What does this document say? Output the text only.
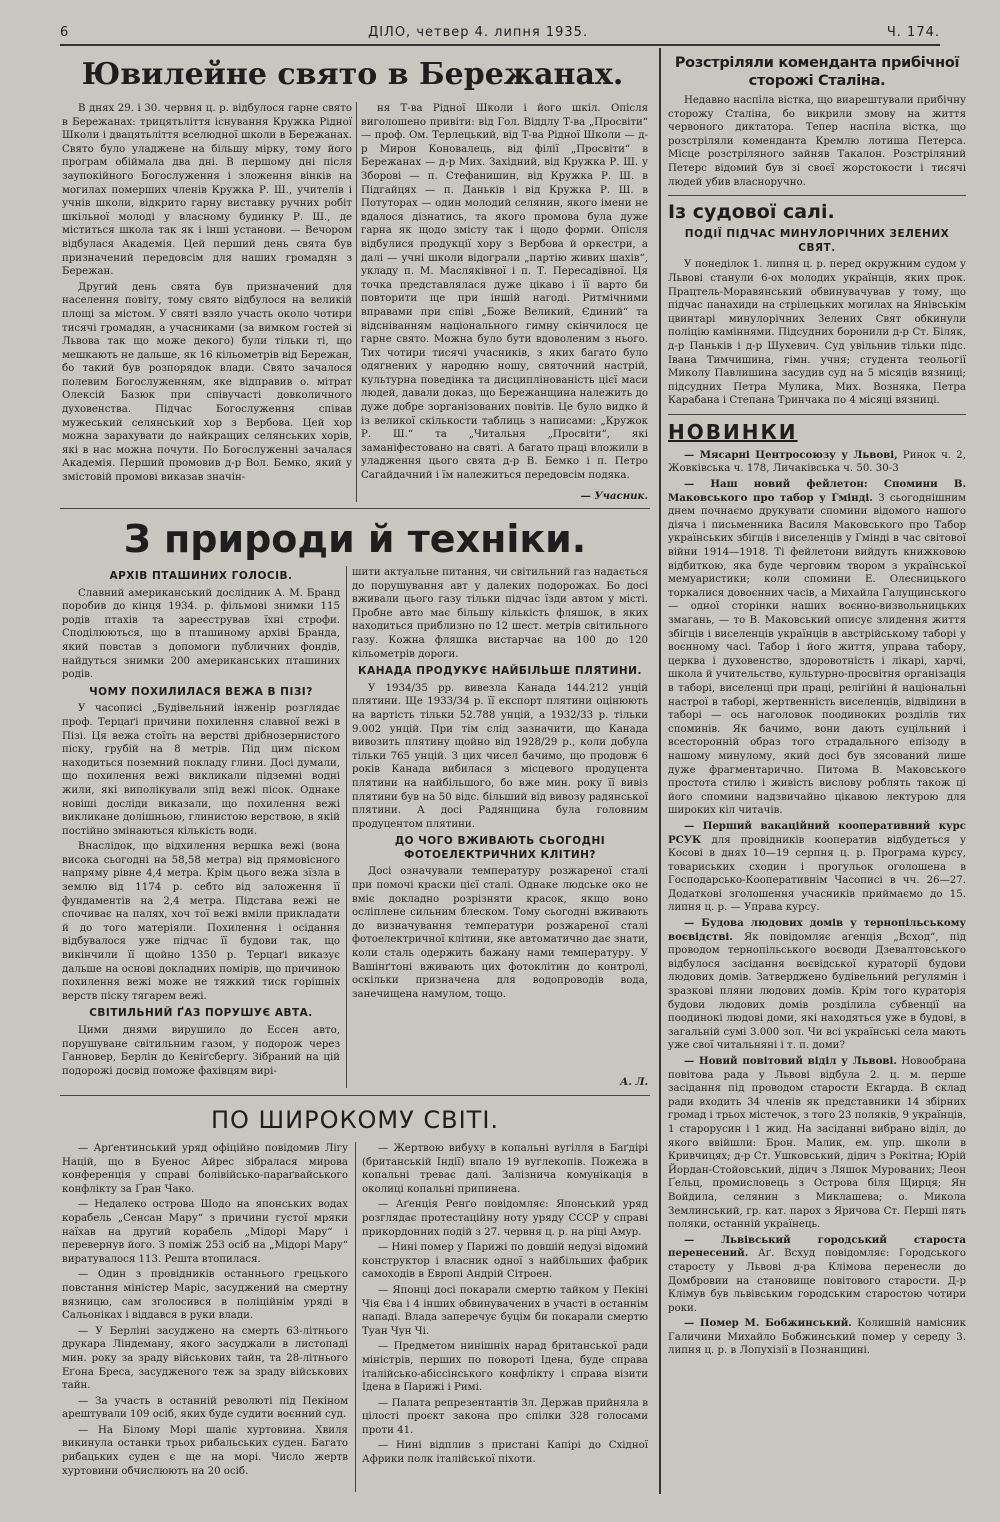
6	ДІЛО, четвер 4. липня 1935.	Ч. 174.
Ювилейне свято в Бережанах.

В днях 29. і 30. червня ц. р. відбулося гарне свято в Бережанах: трицятьліття існування Кружка Рідної Школи і двацятьліття вселюдної школи в Бережанах. Свято було уладжене на більшу мірку, тому його програм обіймала два дні. В першому дні після заупокійного Богослуження і зложення вінків на могилах померших членів Кружка Р. Ш., учителів і учнів школи, відкрито гарну виставку ручних робіт шкільної молоді у власному будинку Р. Ш., де міститься школа так як і інші установи. — Вечором відбулася Академія. Цей перший день свята був призначений передовсім для наших громадян з Бережан.

Другий день свята був призначений для населення повіту, тому свято відбулося на великій площі за містом. У святі взяло участь около чотири тисячі громадян, а учасниками (за вимком гостей зі Львова так що може декого) були тільки ті, що мешкають не дальше, як 16 кільометрів від Бережан, бо такий був розпорядок влади. Свято зачалося полевим Богослуженням, яке відправив о. мітрат Олексій Базюк при співучасті довколичного духовенства. Підчас Богослуження співав мужеський селянський хор з Вербова. Цей хор можна зарахувати до найкращих селянських хорів, які в нас можна почути. По Богослуженні зачалася Академія. Перший промовив д-р Вол. Бемко, який у змістовій промові виказав значін-

ня Т-ва Рідної Школи і його шкіл. Опісля виголошено привіти: від Гол. Віддлу Т-ва „Просвіти“ — проф. Ом. Терлецький, від Т-ва Рідної Школи — д-р Мирон Коновалець, від філії „Просвіти“ в Бережанах — д-р Мих. Західний, від Кружка Р. Ш. у Зборові — п. Стефанишин, від Кружка Р. Ш. в Підгайцях — п. Даньків і від Кружка Р. Ш. в Потуторах — один молодий селянин, якого імени не вдалося дізнатись, та якого промова була дуже гарна як щодо змісту так і щодо форми. Опісля відбулися продукції хору з Вербова й оркестри, а далі — учні школи відограли „партію живих шахів“, укладу п. М. Масляківної і п. Т. Переcадівної. Ця точка представлялася дуже цікаво і її варто би повторити ще при іншій нагоді. Ритмічними вправами при співі „Боже Великий, Єдиний“ та відсніванням національного гимну скінчилося це гарне свято. Можна було бути вдоволеним з нього. Тих чотири тисячі учасників, з яких багато було одягнених у народню ношу, святочний настрій, культурна поведінка та дисциплінованість цієї маси людей, давали доказ, що Бережанщина належить до дуже добре зорганізованих повітів. Це було видко й із великої скількости таблиць з написами: „Кружок Р. Ш.“ та „Читальня „Просвіти“, які заманіфестовано на святі. А багато праці вложили в уладження цього свята д-р В. Бемко і п. Петро Сагайдачний і їм належиться передовсім подяка.

— Учасник.
З природи й техніки.
АРХІВ ПТАШИНИХ ГОЛОСІВ.

Славний американський дослідник А. М. Бранд поробив до кінця 1934. р. фільмові знимки 115 родів птахів та зареєстрував їхні строфи. Споділюються, що в пташиному архіві Бранда, який повстав з допомоги публичних фондів, найдуться знимки 200 американських пташиних родів.

ЧОМУ ПОХИЛИЛАСЯ ВЕЖА В ПІЗІ?

У часописі „Будівельний інженір розглядає проф. Терцаґі причини похилення славної вежі в Пізі. Ця вежа стоїть на верстві дрібнозернистого піску, грубій на 8 метрів. Під цим піском находиться поземний покладу глини. Досі думали, що похилення вежі викликали підземні водні жили, які виполікували зпід вежі пісок. Однаке новіші досліди виказали, що похилення вежі викликане долішньою, глинистою верствою, в якій постійно змінаються кількість води.

Внаслідок, що відхилення вершка вежі (вона висока сьогодні на 58,58 метра) від прямовісного напряму рівне 4,4 метра. Крім цього вежа зїзла в землю від 1174 р. себто від заложення її фундаментів на 2,4 метра. Підстава вежі не спочиває на палях, хоч тої вежі вміли прикладати й до того матеріяли. Похилення і осідання відбувалося уже підчас її будови так, що викінчили її щойно 1350 р. Терцаґі виказує дальше на основі докладних помірів, що причиною похилення вежі може не тяжкий тиск горішніх верств піску тягарем вежі.

СВІТИЛЬНИЙ ҐАЗ ПОРУШУЄ АВТА.

Цими днями вирушило до Ессен авто, порушуване світильним газом, у подорож через Ганновер, Берлін до Кеніґсберґу. Зібраний на цій подорожі досвід поможе фахівцям вирі-

шити актуальне питання, чи світильний газ надається до порушування авт у далеких подорожах. Бо досі вживали цього газу тільки підчас їзди автом у місті. Пробне авто має більшу кількість фляшок, в яких находиться приблизно по 12 шест. метрів світильного газу. Кожна фляшка вистарчає на 100 до 120 кільометрів дороги.

КАНАДА ПРОДУКУЄ НАЙБІЛЬШЕ ПЛЯТИНИ.

У 1934/35 рр. вивезла Канада 144.212 унцій плятини. Ще 1933/34 р. її експорт плятини оцінюють на вартість тільки 52.788 унцій, а 1932/33 р. тільки 9.002 унцій. При тім слід зазначити, що Канада вивозить плятину щойно від 1928/29 р., коли добула тільки 765 унцій. З цих чисел бачимо, що продовж 6 років Канада вибилася з місцевого продуцента плятини на найбільшого, бо вже мин. року її вивіз плятини був на 50 відс. більший від вивозу радянської плятини. А досі Радянщина була головним продуцентом плятини.

ДО ЧОГО ВЖИВАЮТЬ СЬОГОДНІ ФОТОЕЛЕКТРИЧНИХ КЛІТИН?

Досі означували температуру розжареної сталі при помочі краски цієї сталі. Однаке людське око не вміє докладно розрізняти красок, якщо воно осліплене сильним блеском. Тому сьогодні вживають до визначування температури розжареної сталі фотоелектричної клітини, яке автоматично дає знати, коли сталь одержить бажану нами температуру. У Вашінґтоні вживають цих фотоклітин до контролі, оскільки призначена для водопроводів вода, занечищена намулом, тощо.

А. Л.
ПО ШИРОКОМУ СВІТІ.

— Арґентинський уряд офіційно повідомив Лігу Націй, що в Буенос Айрес зібралася мирова конференція у справі болівійсько-параґвайського конфлікту за Ґран Чако.

— Недалеко острова Шодо на японських водах корабель „Сенсан Мару“ з причини густої мряки наїхав на другий корабель „Мідорі Мару“ і перевернув його. З поміж 253 осіб на „Мідорі Мару“ виратувалося 113. Решта втопилася.

— Один з провідників останнього грецького повстання міністер Маріс, засуджений на смертну вязницю, сам зголосився в поліційнім уряді в Сальоніках і віддався в руки влади.

— У Берліні засуджено на смерть 63-літнього друкара Ліндеману, якого засуджали в листопаді мин. року за зраду військових тайн, та 28-літнього Еґона Бреса, засудженого теж за зраду військових тайн.

— За участь в останній революті під Пекіном арештували 109 осіб, яких буде судити воєнний суд.

— На Білому Морі шаліє хуртовина. Хвиля викинула останки трьох рибальських суден. Багато рибацьких суден є ще на морі. Число жертв хуртовини обчислюють на 20 осіб.

— Жертвою вибуху в копальні вугілля в Баґдірі (британській Індії) впало 19 вуглекопів. Пожежа в копальні треває далі. Залізнича комунікація в околиці копальні припинена.

— Аґенція Ренґо повідомляє: Японський уряд розглядає протестаційну ноту уряду СССР у справі прикордонних подій з 27. червня ц. р. на ріці Амур.

— Нині помер у Парижі по довшій недузі відомий конструктор і власник одної з найбільших фабрик самоходів в Европі Андрій Сітроен.

— Японці досі покарали смертю тайком у Пекіні Чія Єва і 4 інших обвинувачених в участі в останнім нападі. Влада заперечує буцім би покарали смертю Туан Чун Чі.

— Предметом нинішніх нарад британської ради міністрів, перших по повороті Ідена, буде справа італійсько-абіссінського конфлікту і справа візити Ідена в Парижі і Римі.

— Палата репрезентантів Зл. Держав прийняла в цілості проєкт закона про спілки 328 голосами проти 41.

— Нині відплив з пристані Капірі до Східної Африки полк італійської піхоти.

Розстріляли коменданта прибічної сторожі Сталіна.

Недавно наспіла вістка, що виарештували прибічну сторожу Сталіна, бо викрили змову на життя червоного диктатора. Тепер наспіла вістка, що розстріляли коменданта Кремлю лотиша Петерса. Місце розстріляного зайняв Такалон. Розстріляний Петерс відомий був зі своєї жорстокости і тисячі людей убив власноручно.

Із судової салі.
ПОДІЇ ПІДЧАС МИНУЛОРІЧНИХ ЗЕЛЕНИХ СВЯТ.

У понеділок 1. липня ц. р. перед окружним судом у Львові станули 6-ох молодих українців, яких прок. Працтель-Моравянський обвинувачував у тому, що підчас панахиди на стрілецьких могилах на Янівськім цвинтарі минулорічних Зелених Свят обкинули поліцію каміннями. Підсудних боронили д-р Ст. Біляк, д-р Паньків і д-р Шухевич. Суд увільнив тільки підс. Івана Тимчишина, гімн. учня; студента теольогії Миколу Павлишина засудив суд на 5 місяців вязниці; підсудних Петра Мулика, Мих. Возняка, Петра Карабана і Степана Тринчака по 4 місяці вязниці.

НОВИНКИ

— Мясарні Центросоюзу у Львові, Ринок ч. 2, Жовківська ч. 178, Личаківська ч. 50. 30-3

— Наш новий фейлетон: Спомини В. Маковського про табор у Гмінді. З сьогоднішним днем почнаємо друкувати спомини відомого нашого діяча і письменника Василя Маковського про Табор українських збігців і виселенців у Гмінді в час світової війни 1914—1918. Ті фейлетони вийдуть книжковою відбиткою, яка буде черговим твором з української мемуаристики; коли спомини Е. Олесницького торкалися довоєнних часів, а Михайла Галущинського — одної сторінки наших воєнно-визвольницьких змагань, — то В. Маковський описує злидення життя збігців і виселенців українців в австрійському таборі у воєнному часі. Табор і його життя, управа табору, церква і духовенство, здоровотність і лікарі, харчі, школа й учительство, культурно-просвітня організація в таборі, виселенці при праці, релігійні й національні настрої в таборі, жертвенність виселенців, відвідини в таборі — ось наголовок поодиноких розділів тих споминів. Як бачимо, вони дають суцільний і всесторонній образ того страдального епізоду в нашому минулому, який досі був зясований лише дуже фрагментарично. Питома В. Маковського простота стилю і живість вислову роблять також ці його спомини надзвичайно цікавою лектурою для широких кіл читачів.

— Перший вакаційний кооперативний курс РСУК для провідників кооператив відбудеться у Косові в днях 10—19 серпня ц. р. Програма курсу, товариських сходин і прогульок оголошена в Господарсько-Кооперативнім Часописі в чч. 26—27. Додаткові зголошення учасників приймаємо до 15. липня ц. р. — Управа курсу.

— Будова людових домів у тернопільському воєвідстві. Як повідомляє агенція „Всход“, під проводом тернопільського воєводи Дзевалтовського відбулося засідання воєвідської кураторії будови людових домів. Затверджено будівельний реґулямін і зразкові пляни людових домів. Крім того кураторія будови людових домів розділила субвенції на поодинокі людові доми, які находяться уже в будові, в загальній сумі 3.000 зол. Чи всі українські села мають уже свої читальняні і т. п. доми?

— Новий повітовий віділ у Львові. Новообрана повітова рада у Львові відбула 2. ц. м. перше засідання під проводом старости Екгарда. В склад ради входить 34 членів як представники 14 збірних громад і трьох містечок, з того 23 поляків, 9 українців, 1 старорусин і 1 жид. На засіданні вибрано віділ, до якого ввійшли: Брон. Малик, ем. упр. школи в Кривчицях; д-р Ст. Ушковський, дідич з Рокітна; Юрій Йордан-Стойовський, дідич з Ляшок Мурованих; Леон Ґельц, промисловець з Острова біля Щирця; Ян Войдила, селянин з Миклашева; о. Микола Землинський, гр. кат. парох з Яричова Ст. Перші пять поляки, останній українець.

— Львівський городський староста перенесений. Аґ. Всхуд повідомляє: Городського старосту у Львові д-ра Клімова перенесли до Домбровии на становище повітового старости. Д-р Клімув був львівським городським старостою чотири роки.

— Помер М. Бобжинський. Колишній наміcник Галичини Михайло Бобжинський помер у середу 3. липня ц. р. в Лопухізії в Познанщині.
